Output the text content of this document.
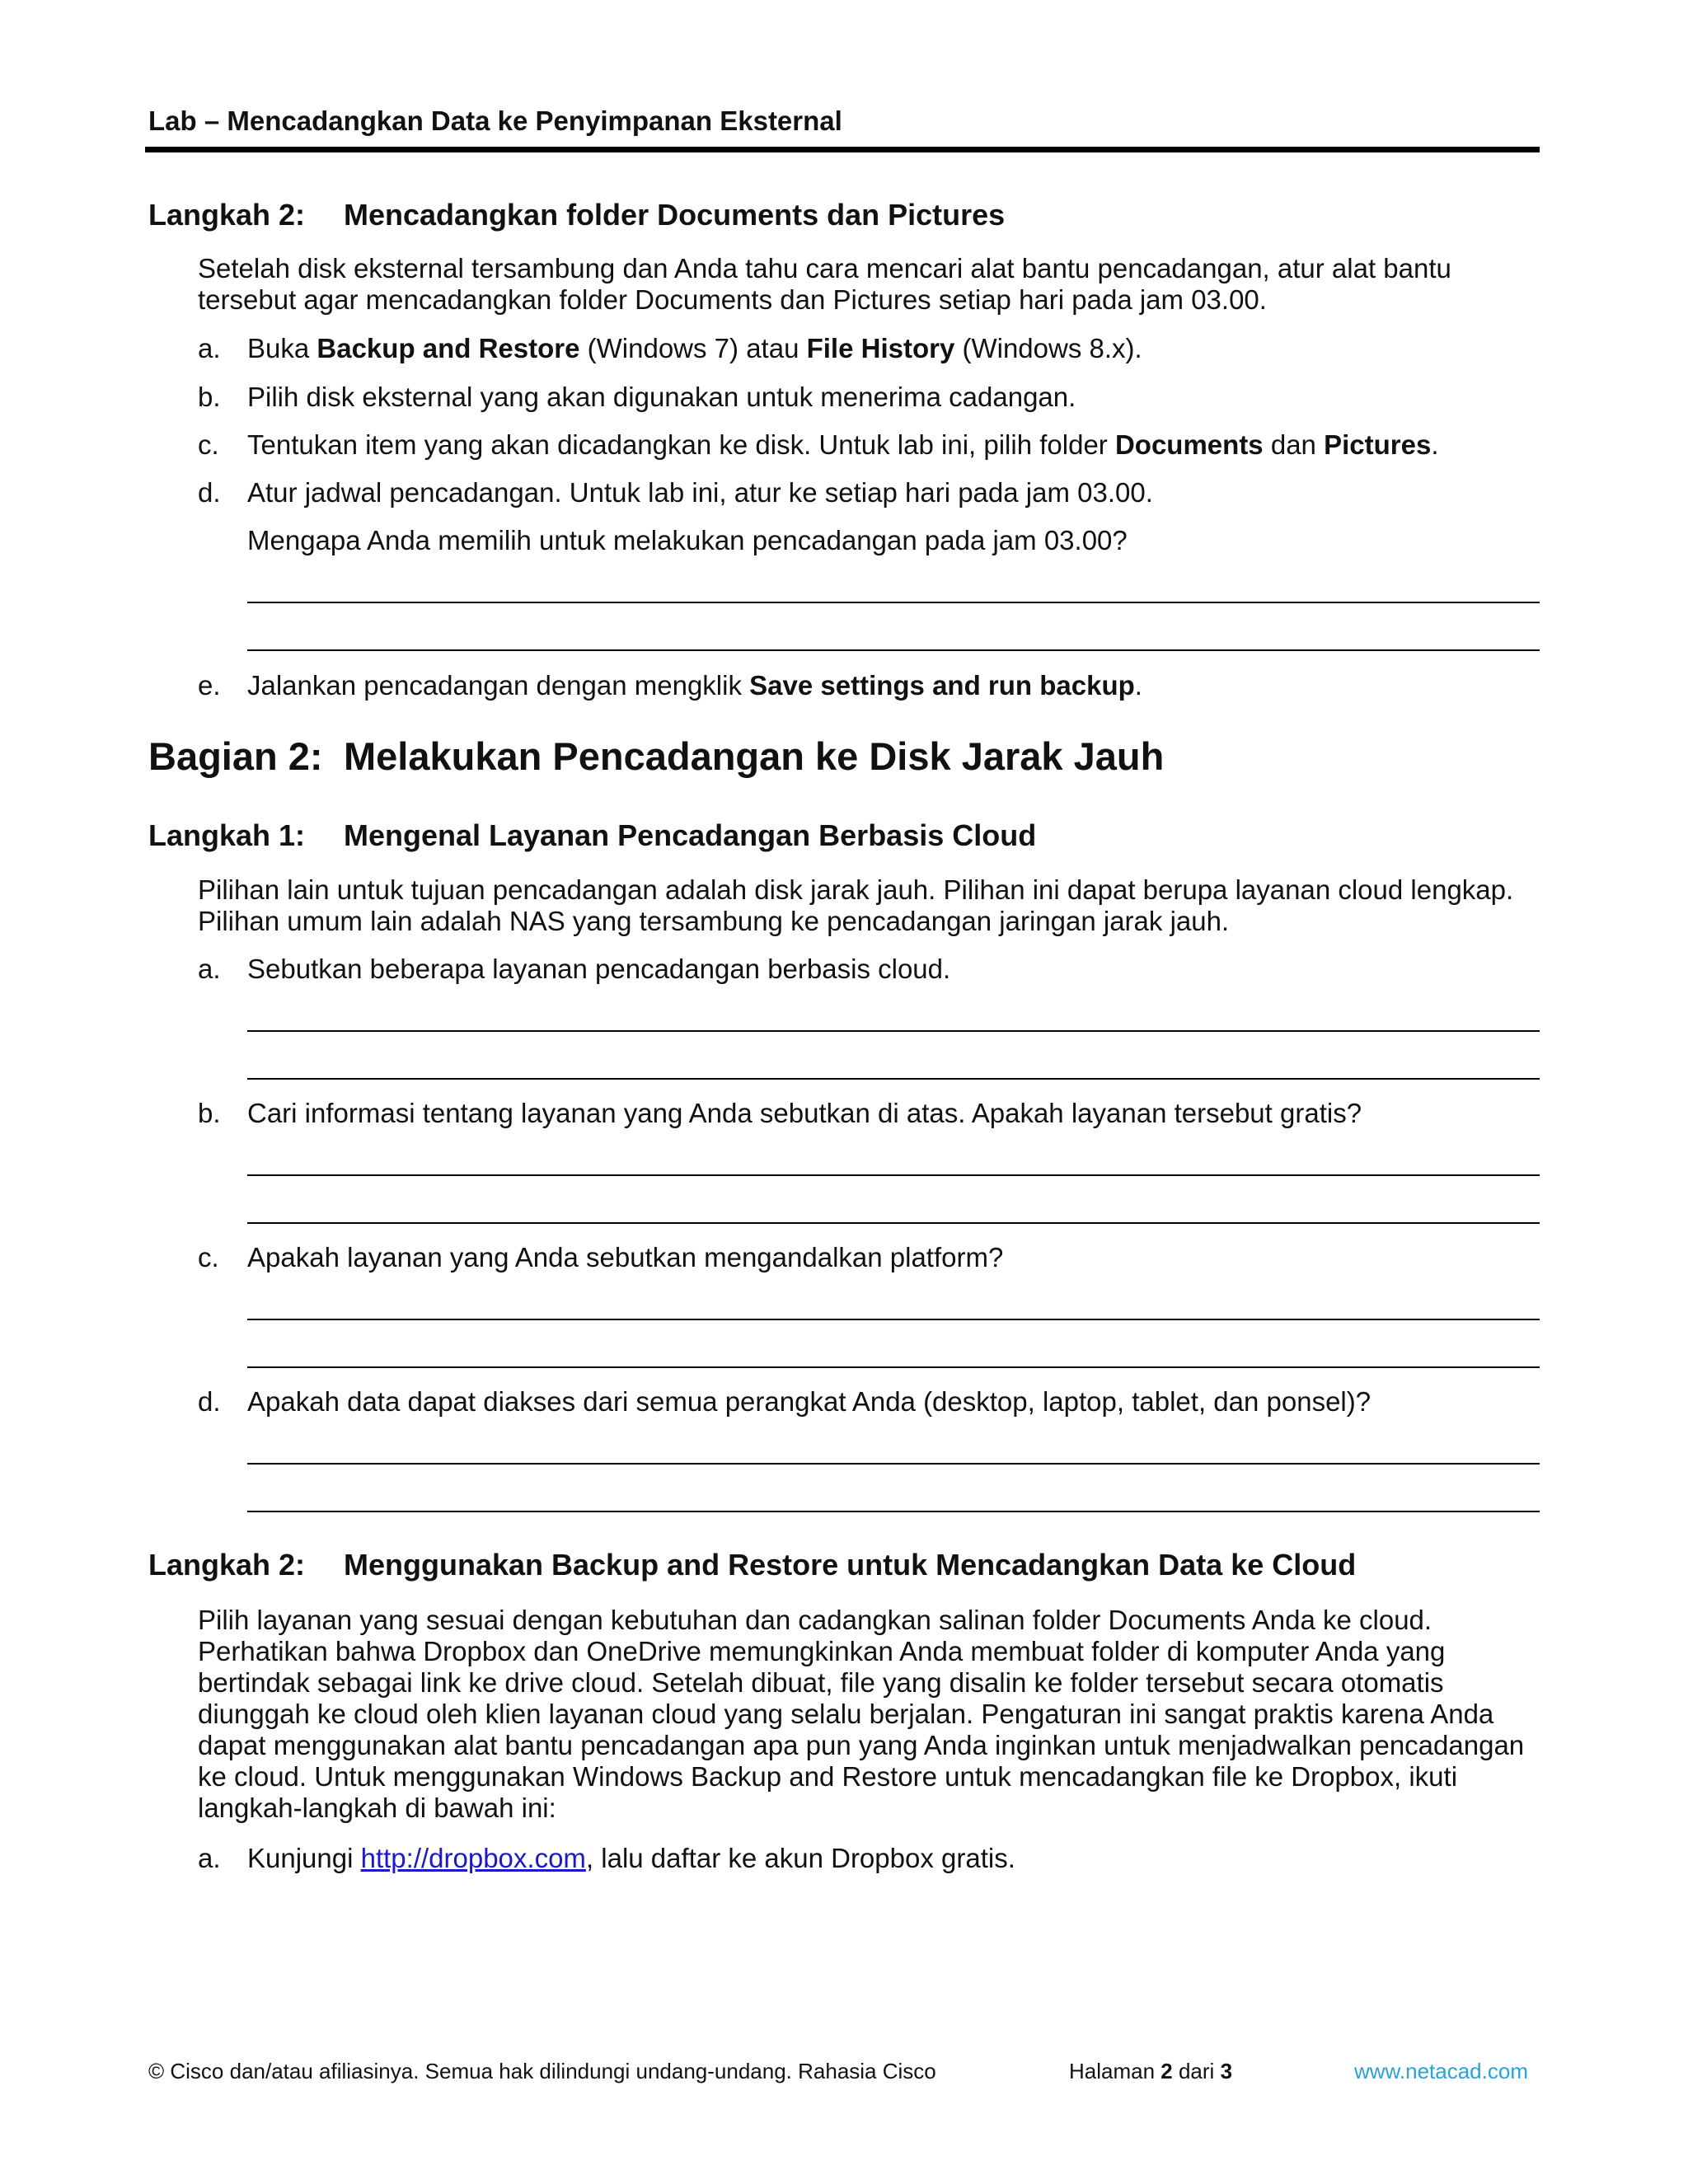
Lab – Mencadangkan Data ke Penyimpanan Eksternal
Langkah 2: Mencadangkan folder Documents dan Pictures
Setelah disk eksternal tersambung dan Anda tahu cara mencari alat bantu pencadangan, atur alat bantu tersebut agar mencadangkan folder Documents dan Pictures setiap hari pada jam 03.00.
a. Buka Backup and Restore (Windows 7) atau File History (Windows 8.x).
b. Pilih disk eksternal yang akan digunakan untuk menerima cadangan.
c. Tentukan item yang akan dicadangkan ke disk. Untuk lab ini, pilih folder Documents dan Pictures.
d. Atur jadwal pencadangan. Untuk lab ini, atur ke setiap hari pada jam 03.00.
Mengapa Anda memilih untuk melakukan pencadangan pada jam 03.00?
e. Jalankan pencadangan dengan mengklik Save settings and run backup.
Bagian 2: Melakukan Pencadangan ke Disk Jarak Jauh
Langkah 1: Mengenal Layanan Pencadangan Berbasis Cloud
Pilihan lain untuk tujuan pencadangan adalah disk jarak jauh. Pilihan ini dapat berupa layanan cloud lengkap. Pilihan umum lain adalah NAS yang tersambung ke pencadangan jaringan jarak jauh.
a. Sebutkan beberapa layanan pencadangan berbasis cloud.
b. Cari informasi tentang layanan yang Anda sebutkan di atas. Apakah layanan tersebut gratis?
c. Apakah layanan yang Anda sebutkan mengandalkan platform?
d. Apakah data dapat diakses dari semua perangkat Anda (desktop, laptop, tablet, dan ponsel)?
Langkah 2: Menggunakan Backup and Restore untuk Mencadangkan Data ke Cloud
Pilih layanan yang sesuai dengan kebutuhan dan cadangkan salinan folder Documents Anda ke cloud. Perhatikan bahwa Dropbox dan OneDrive memungkinkan Anda membuat folder di komputer Anda yang bertindak sebagai link ke drive cloud. Setelah dibuat, file yang disalin ke folder tersebut secara otomatis diunggah ke cloud oleh klien layanan cloud yang selalu berjalan. Pengaturan ini sangat praktis karena Anda dapat menggunakan alat bantu pencadangan apa pun yang Anda inginkan untuk menjadwalkan pencadangan ke cloud. Untuk menggunakan Windows Backup and Restore untuk mencadangkan file ke Dropbox, ikuti langkah-langkah di bawah ini:
a. Kunjungi http://dropbox.com, lalu daftar ke akun Dropbox gratis.
© Cisco dan/atau afiliasinya. Semua hak dilindungi undang-undang. Rahasia Cisco	Halaman 2 dari 3	www.netacad.com
